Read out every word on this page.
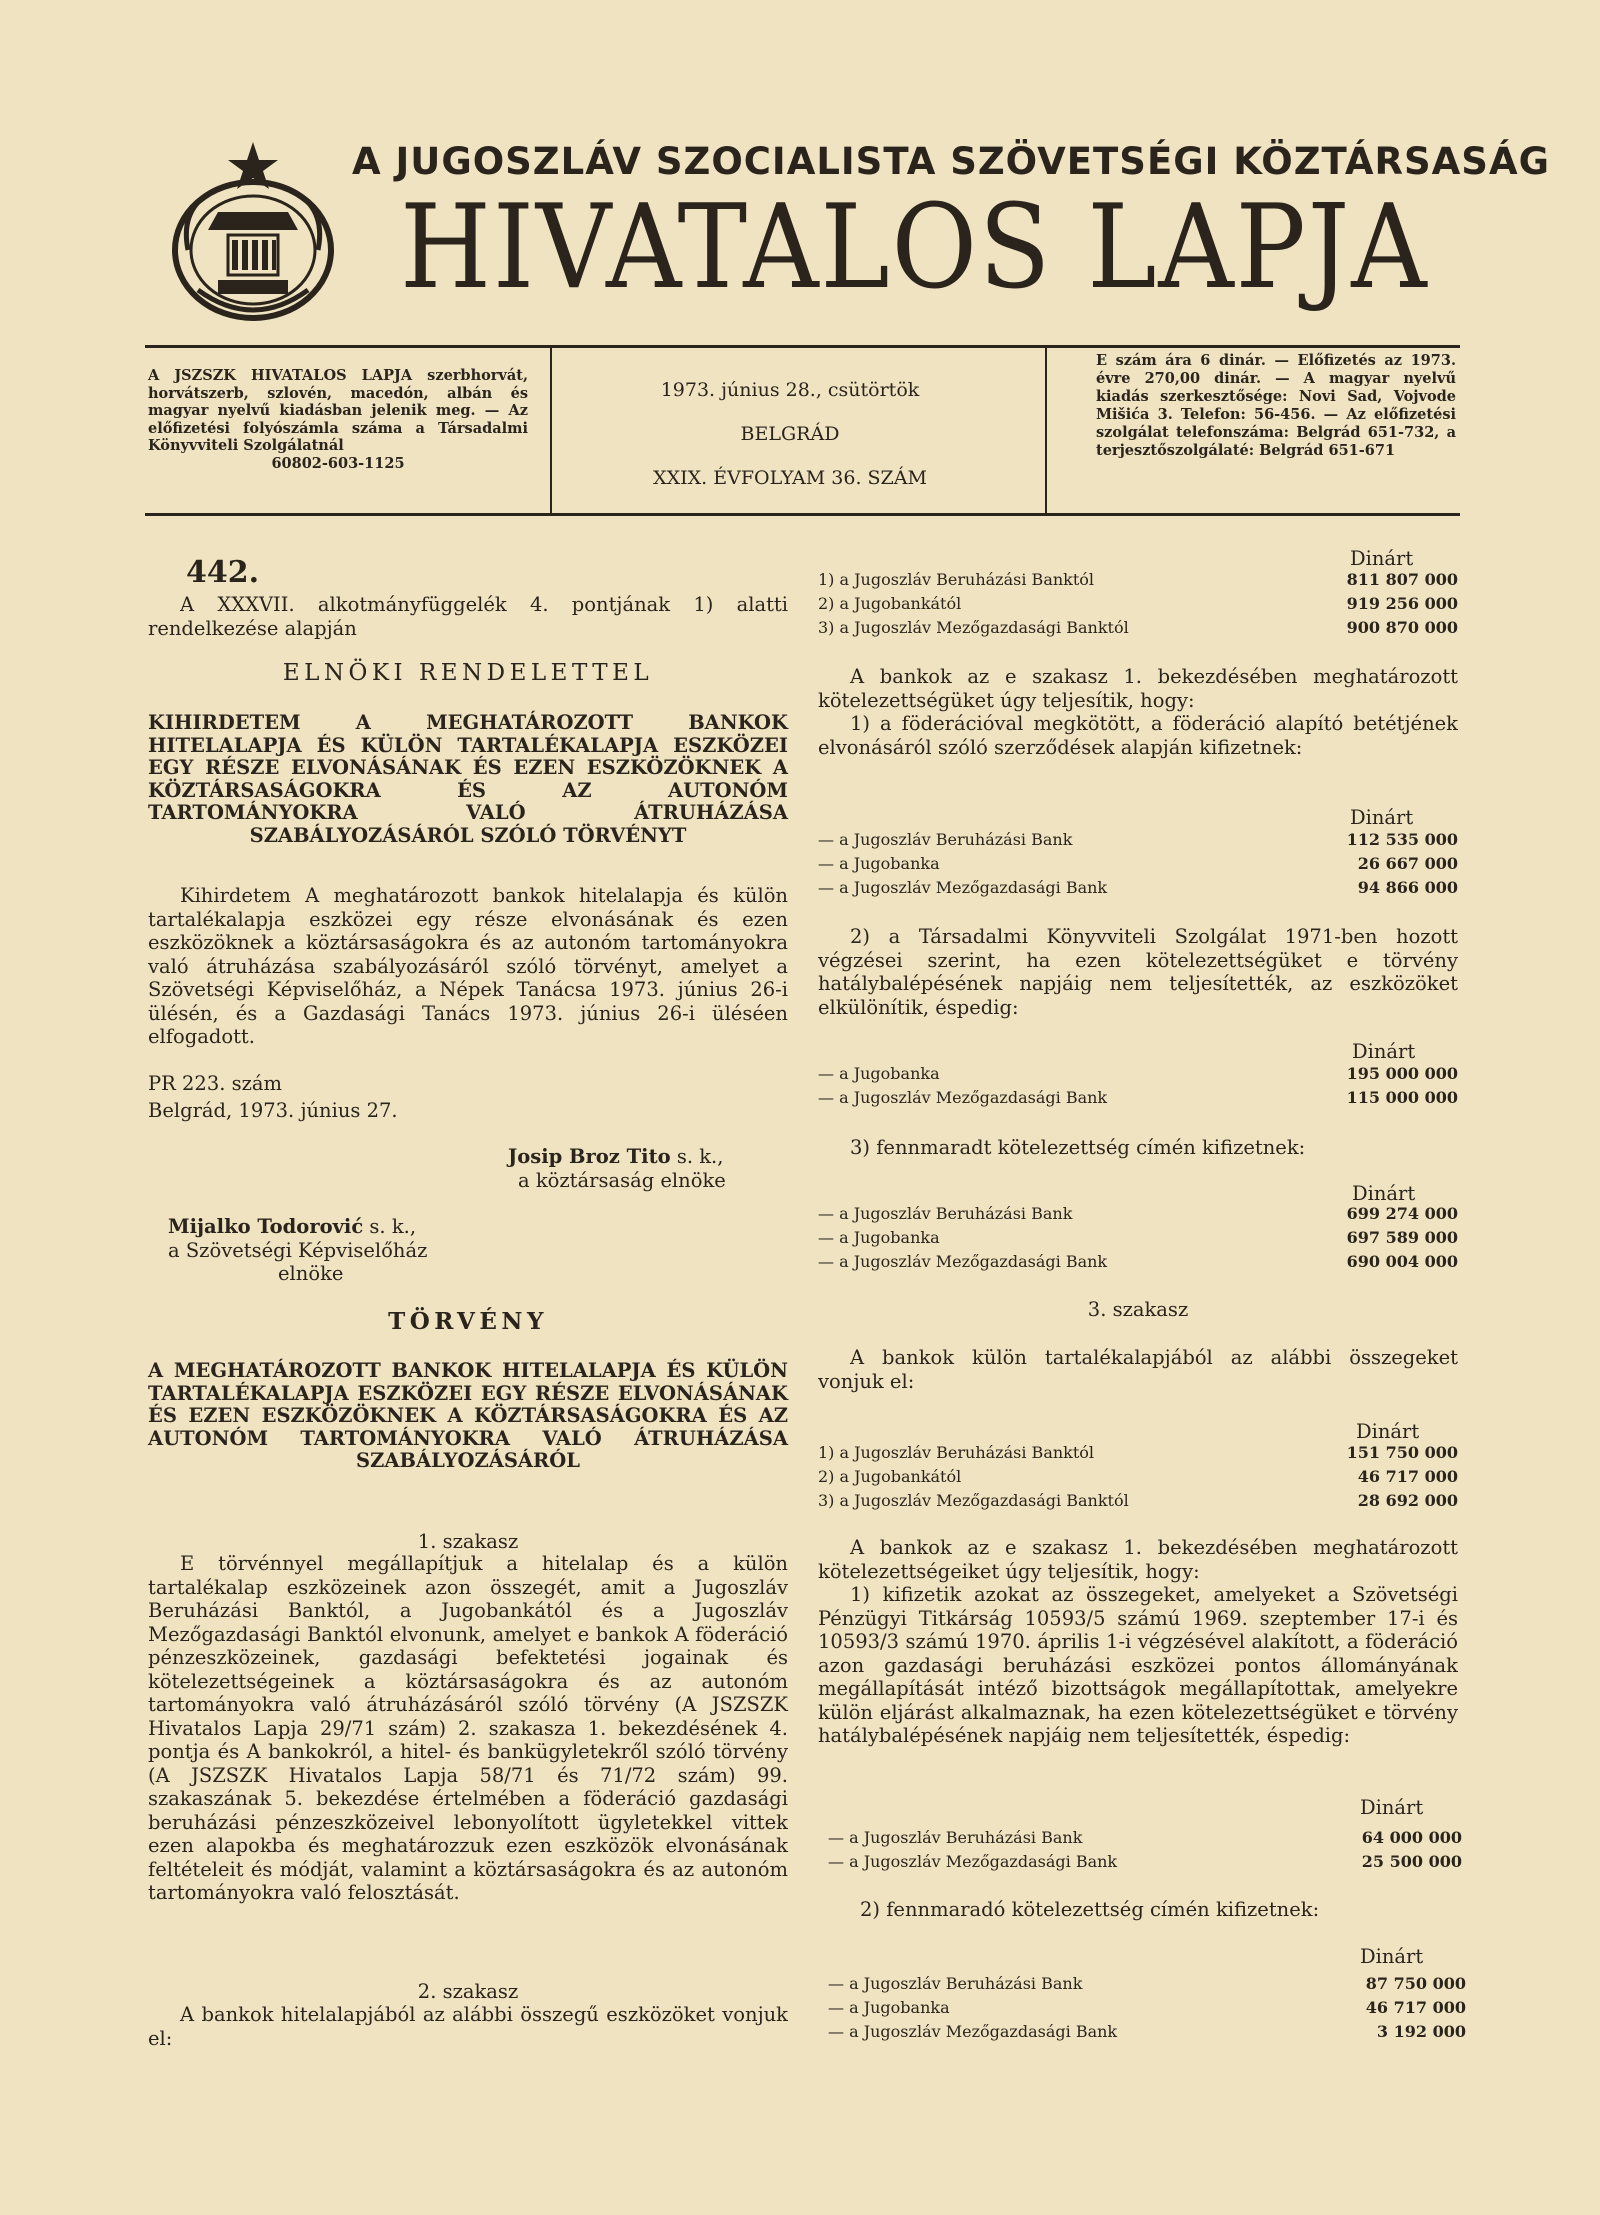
A JUGOSZLÁV SZOCIALISTA SZÖVETSÉGI KÖZTÁRSASÁG
HIVATALOS LAPJA
A JSZSZK HIVATALOS LAPJA szerbhorvát, horvátszerb, szlovén, macedón, albán és magyar nyelvű kiadásban jelenik meg. — Az előfizetési folyószámla száma a Társadalmi Könyvviteli Szolgálatnál
60802-603-1125
1973. június 28., csütörtök
BELGRÁD
XXIX. ÉVFOLYAM 36. SZÁM
E szám ára 6 dinár. — Előfizetés az 1973. évre 270,00 dinár. — A magyar nyelvű kiadás szerkesztősége: Novi Sad, Vojvode Mišića 3. Telefon: 56-456. — Az előfizetési szolgálat telefonszáma: Belgrád 651-732, a terjesztőszolgálaté: Belgrád 651-671
442.
A XXXVII. alkotmányfüggelék 4. pontjának 1) alatti rendelkezése alapján
ELNÖKI RENDELETTEL
KIHIRDETEM A MEGHATÁROZOTT BANKOK HITELALAPJA ÉS KÜLÖN TARTALÉKALAPJA ESZKÖZEI EGY RÉSZE ELVONÁSÁNAK ÉS EZEN ESZKÖZÖKNEK A KÖZTÁRSASÁGOKRA ÉS AZ AUTONÓM TARTOMÁNYOKRA VALÓ ÁTRUHÁZÁSA SZABÁLYOZÁSÁRÓL SZÓLÓ TÖRVÉNYT
Kihirdetem A meghatározott bankok hitelalapja és külön tartalékalapja eszközei egy része elvonásának és ezen eszközöknek a köztársaságokra és az autonóm tartományokra való átruházása szabályozásáról szóló törvényt, amelyet a Szövetségi Képviselőház, a Népek Tanácsa 1973. június 26-i ülésén, és a Gazdasági Tanács 1973. június 26-i üléséen elfogadott.
PR 223. szám
Belgrád, 1973. június 27.
Josip Broz Tito s. k.,
a köztársaság elnöke
Mijalko Todorović s. k.,
a Szövetségi Képviselőház
elnöke
TÖRVÉNY
A MEGHATÁROZOTT BANKOK HITELALAPJA ÉS KÜLÖN TARTALÉKALAPJA ESZKÖZEI EGY RÉSZE ELVONÁSÁNAK ÉS EZEN ESZKÖZÖKNEK A KÖZTÁRSASÁGOKRA ÉS AZ AUTONÓM TARTOMÁNYOKRA VALÓ ÁTRUHÁZÁSA SZABÁLYOZÁSÁRÓL
1. szakasz
E törvénnyel megállapítjuk a hitelalap és a külön tartalékalap eszközeinek azon összegét, amit a Jugoszláv Beruházási Banktól, a Jugobankától és a Jugoszláv Mezőgazdasági Banktól elvonunk, amelyet e bankok A föderáció pénzeszközeinek, gazdasági befektetési jogainak és kötelezettségeinek a köztársaságokra és az autonóm tartományokra való átruházásáról szóló törvény (A JSZSZK Hivatalos Lapja 29/71 szám) 2. szakasza 1. bekezdésének 4. pontja és A bankokról, a hitel- és bankügyletekről szóló törvény (A JSZSZK Hivatalos Lapja 58/71 és 71/72 szám) 99. szakaszának 5. bekezdése értelmében a föderáció gazdasági beruházási pénzeszközeivel lebonyolított ügyletekkel vittek ezen alapokba és meghatározzuk ezen eszközök elvonásának feltételeit és módját, valamint a köztársaságokra és az autonóm tartományokra való felosztását.
2. szakasz
A bankok hitelalapjából az alábbi összegű eszközöket vonjuk el:
Dinárt
1) a Jugoszláv Beruházási Banktól	811 807 000
2) a Jugobankától	919 256 000
3) a Jugoszláv Mezőgazdasági Banktól	900 870 000
A bankok az e szakasz 1. bekezdésében meghatározott kötelezettségüket úgy teljesítik, hogy:
1) a föderációval megkötött, a föderáció alapító betétjének elvonásáról szóló szerződések alapján kifizetnek:
Dinárt
— a Jugoszláv Beruházási Bank	112 535 000
— a Jugobanka	26 667 000
— a Jugoszláv Mezőgazdasági Bank	94 866 000
2) a Társadalmi Könyvviteli Szolgálat 1971-ben hozott végzései szerint, ha ezen kötelezettségüket e törvény hatálybalépésének napjáig nem teljesítették, az eszközöket elkülönítik, éspedig:
Dinárt
— a Jugobanka	195 000 000
— a Jugoszláv Mezőgazdasági Bank	115 000 000
3) fennmaradt kötelezettség címén kifizetnek:
Dinárt
— a Jugoszláv Beruházási Bank	699 274 000
— a Jugobanka	697 589 000
— a Jugoszláv Mezőgazdasági Bank	690 004 000
3. szakasz
A bankok külön tartalékalapjából az alábbi összegeket vonjuk el:
Dinárt
1) a Jugoszláv Beruházási Banktól	151 750 000
2) a Jugobankától	46 717 000
3) a Jugoszláv Mezőgazdasági Banktól	28 692 000
A bankok az e szakasz 1. bekezdésében meghatározott kötelezettségeiket úgy teljesítik, hogy:
1) kifizetik azokat az összegeket, amelyeket a Szövetségi Pénzügyi Titkárság 10593/5 számú 1969. szeptember 17-i és 10593/3 számú 1970. április 1-i végzésével alakított, a föderáció azon gazdasági beruházási eszközei pontos állományának megállapítását intéző bizottságok megállapítottak, amelyekre külön eljárást alkalmaznak, ha ezen kötelezettségüket e törvény hatálybalépésének napjáig nem teljesítették, éspedig:
Dinárt
— a Jugoszláv Beruházási Bank	64 000 000
— a Jugoszláv Mezőgazdasági Bank	25 500 000
2) fennmaradó kötelezettség címén kifizetnek:
Dinárt
— a Jugoszláv Beruházási Bank	87 750 000
— a Jugobanka	46 717 000
— a Jugoszláv Mezőgazdasági Bank	3 192 000
